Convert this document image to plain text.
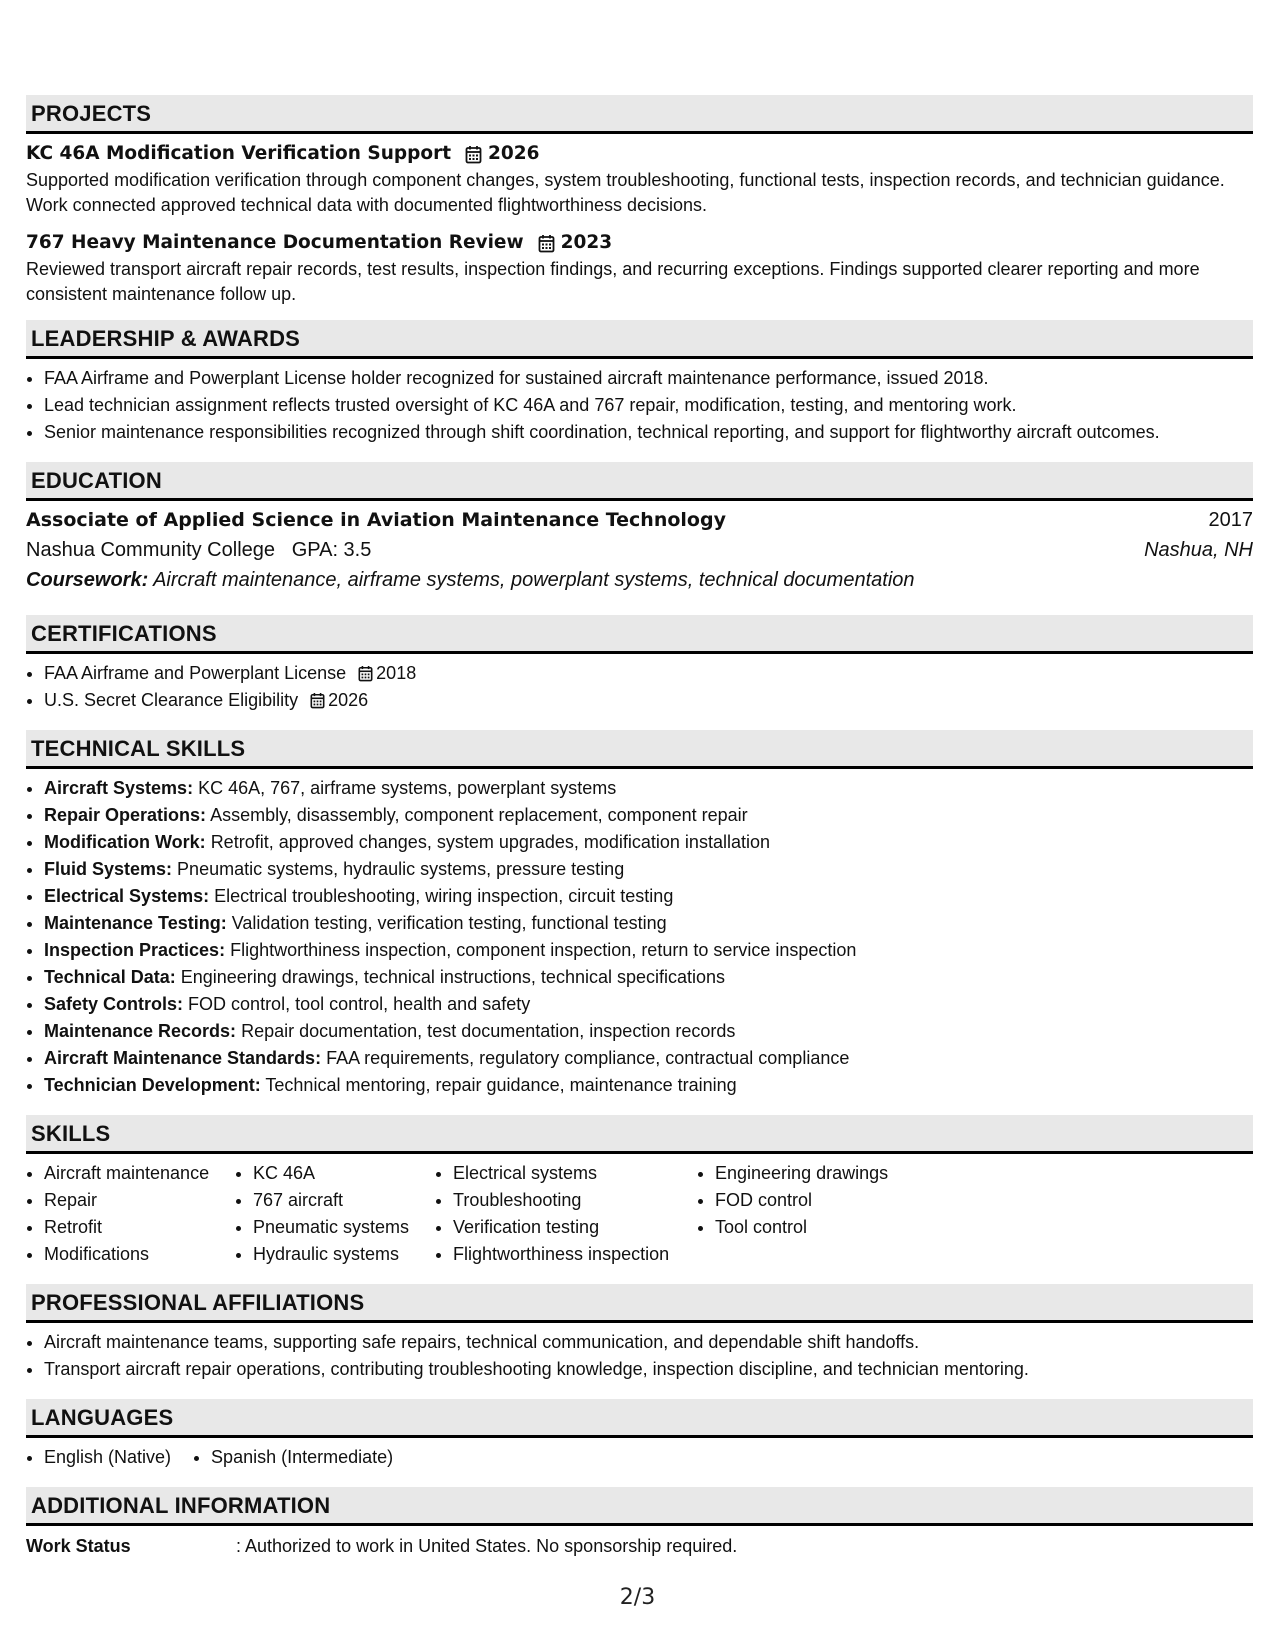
PROJECTS
KC 46A Modification Verification Support 2026
Supported modification verification through component changes, system troubleshooting, functional tests, inspection records, and technician guidance. Work connected approved technical data with documented flightworthiness decisions.
767 Heavy Maintenance Documentation Review 2023
Reviewed transport aircraft repair records, test results, inspection findings, and recurring exceptions. Findings supported clearer reporting and more consistent maintenance follow up.
LEADERSHIP & AWARDS
• FAA Airframe and Powerplant License holder recognized for sustained aircraft maintenance performance, issued 2018.
• Lead technician assignment reflects trusted oversight of KC 46A and 767 repair, modification, testing, and mentoring work.
• Senior maintenance responsibilities recognized through shift coordination, technical reporting, and support for flightworthy aircraft outcomes.
EDUCATION
Associate of Applied Science in Aviation Maintenance Technology	2017
Nashua Community College GPA: 3.5	Nashua, NH
Coursework: Aircraft maintenance, airframe systems, powerplant systems, technical documentation
CERTIFICATIONS
• FAA Airframe and Powerplant License 2018
• U.S. Secret Clearance Eligibility 2026
TECHNICAL SKILLS
• Aircraft Systems: KC 46A, 767, airframe systems, powerplant systems
• Repair Operations: Assembly, disassembly, component replacement, component repair
• Modification Work: Retrofit, approved changes, system upgrades, modification installation
• Fluid Systems: Pneumatic systems, hydraulic systems, pressure testing
• Electrical Systems: Electrical troubleshooting, wiring inspection, circuit testing
• Maintenance Testing: Validation testing, verification testing, functional testing
• Inspection Practices: Flightworthiness inspection, component inspection, return to service inspection
• Technical Data: Engineering drawings, technical instructions, technical specifications
• Safety Controls: FOD control, tool control, health and safety
• Maintenance Records: Repair documentation, test documentation, inspection records
• Aircraft Maintenance Standards: FAA requirements, regulatory compliance, contractual compliance
• Technician Development: Technical mentoring, repair guidance, maintenance training
SKILLS
• Aircraft maintenance
• Repair
• Retrofit
• Modifications
• KC 46A
• 767 aircraft
• Pneumatic systems
• Hydraulic systems
• Electrical systems
• Troubleshooting
• Verification testing
• Flightworthiness inspection
• Engineering drawings
• FOD control
• Tool control
PROFESSIONAL AFFILIATIONS
• Aircraft maintenance teams, supporting safe repairs, technical communication, and dependable shift handoffs.
• Transport aircraft repair operations, contributing troubleshooting knowledge, inspection discipline, and technician mentoring.
LANGUAGES
• English (Native)
• Spanish (Intermediate)
ADDITIONAL INFORMATION
Work Status	: Authorized to work in United States. No sponsorship required.
2/3
